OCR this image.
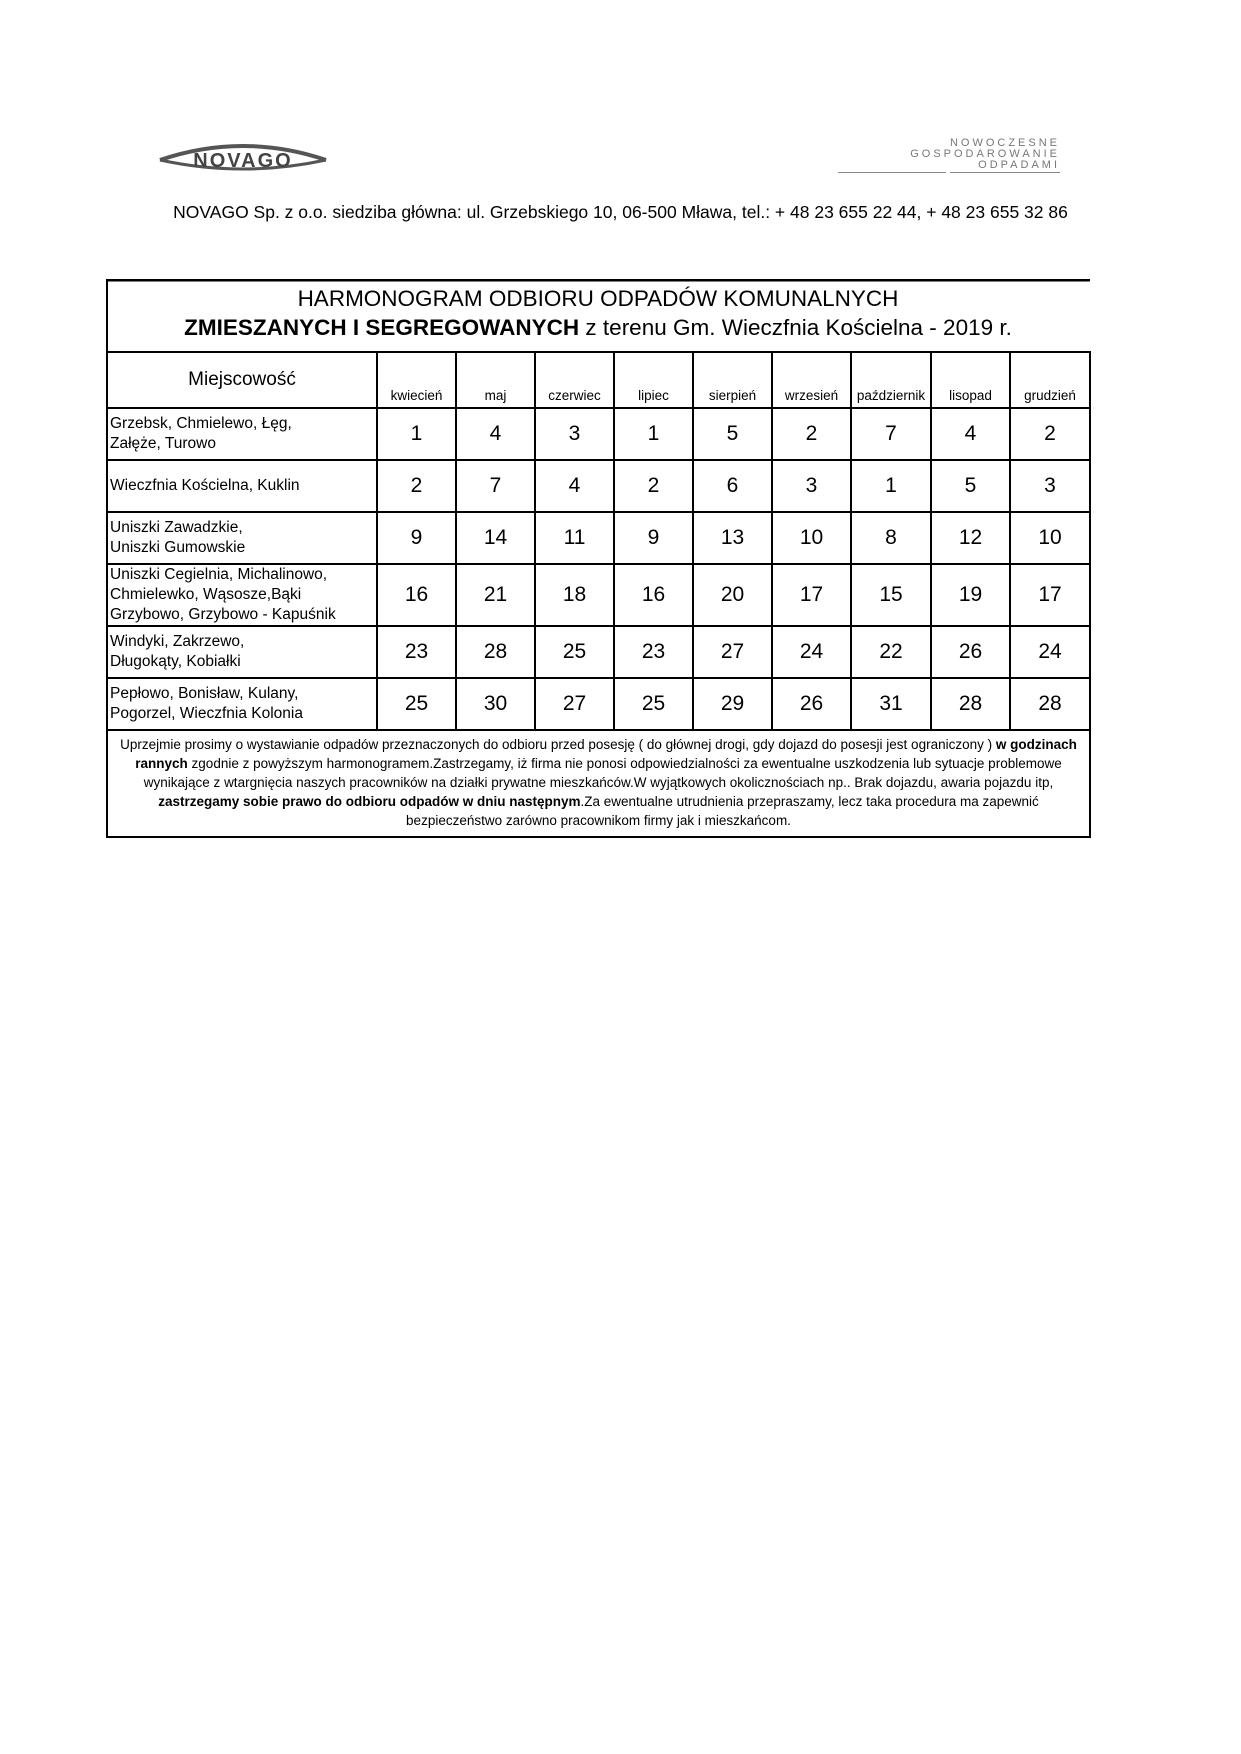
NOVAGO
NOWOCZESNE
GOSPODAROWANIE
ODPADAMI
NOVAGO Sp. z o.o. siedziba główna: ul. Grzebskiego 10, 06-500 Mława, tel.: + 48 23 655 22 44, + 48 23 655 32 86
HARMONOGRAM ODBIORU ODPADÓW KOMUNALNYCH
ZMIESZANYCH I SEGREGOWANYCH z terenu Gm. Wieczfnia Kościelna - 2019 r.
Miejscowość	kwiecień	maj	czerwiec	lipiec	sierpień	wrzesień	październik	lisopad	grudzień

Grzebsk, Chmielewo, Łęg,
Załęże, Turowo	1	4	3	1	5	2	7	4	2

Wieczfnia Kościelna, Kuklin	2	7	4	2	6	3	1	5	3

Uniszki Zawadzkie,
Uniszki Gumowskie	9	14	11	9	13	10	8	12	10

Uniszki Cegielnia, Michalinowo,
Chmielewko, Wąsosze,Bąki
Grzybowo, Grzybowo - Kapuśnik	16	21	18	16	20	17	15	19	17

Windyki, Zakrzewo,
Długokąty, Kobiałki	23	28	25	23	27	24	22	26	24

Pepłowo, Bonisław, Kulany,
Pogorzel, Wieczfnia Kolonia	25	30	27	25	29	26	31	28	28
Uprzejmie prosimy o wystawianie odpadów przeznaczonych do odbioru przed posesję ( do głównej drogi, gdy dojazd do posesji jest ograniczony ) w godzinach rannych zgodnie z powyższym harmonogramem.Zastrzegamy, iż firma nie ponosi odpowiedzialności za ewentualne uszkodzenia lub sytuacje problemowe wynikające z wtargnięcia naszych pracowników na działki prywatne mieszkańców.W wyjątkowych okolicznościach np.. Brak dojazdu, awaria pojazdu itp, zastrzegamy sobie prawo do odbioru odpadów w dniu następnym.Za ewentualne utrudnienia przepraszamy, lecz taka procedura ma zapewnić bezpieczeństwo zarówno pracownikom firmy jak i mieszkańcom.									
